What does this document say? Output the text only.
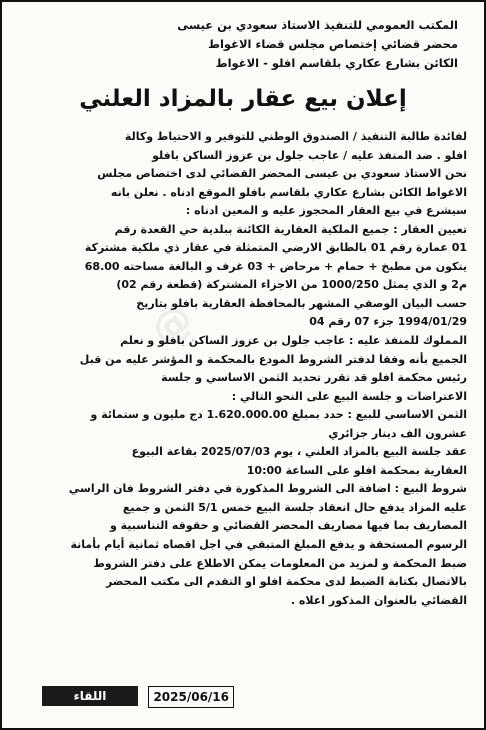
@
المكتب العمومي للتنفيذ الاستاذ سعودي بن عيسى
محضر قضائي إختصاص مجلس قضاء الاغواط
الكائن بشارع عكاري بلقاسم افلو - الاغواط
إعلان بيع عقار بالمزاد العلني
لفائدة طالبة التنفيذ / الصندوق الوطني للتوفير و الاحتياط وكالة
افلو . ضد المنفذ عليه / عاجب جلول بن عزوز الساكن بافلو
نحن الاستاذ سعودي بن عيسى المحضر القضائي لدى اختصاص مجلس
الاغواط الكائن بشارع عكاري بلقاسم بافلو الموقع ادناه . نعلن بانه
سيشرع في بيع العقار المحجوز عليه و المعين ادناه :
تعيين العقار : جميع الملكية العقارية الكائنة ببلدية حي القعدة رقم
01 عمارة رقم 01 بالطابق الارضي المتمثلة في عقار ذي ملكية مشتركة
يتكون من مطبخ + حمام + مرحاض + 03 غرف و البالغة مساحته 68.00
م2 و الذي يمثل 1000/250 من الاجزاء المشتركة (قطعة رقم 02)
حسب البيان الوصفي المشهر بالمحافظة العقارية بافلو بتاريخ
1994/01/29 جزء 07 رقم 04
المملوك للمنفذ عليه : عاجب جلول بن عزوز الساكن بافلو و نعلم
الجميع بأنه وفقا لدفتر الشروط المودع بالمحكمة و المؤشر عليه من قبل
رئيس محكمة افلو قد تقرر تحديد الثمن الاساسي و جلسة
الاعتراضات و جلسة البيع على النحو التالي :
الثمن الاساسي للبيع : حدد بمبلغ 1.620.000.00 دج مليون و ستمائة و
عشرون الف دينار جزائري
عقد جلسة البيع بالمزاد العلني ، يوم 2025/07/03 بقاعة البيوع
العقارية بمحكمة افلو على الساعة 10:00
شروط البيع : اضافة الى الشروط المذكورة في دفتر الشروط فان الراسي
عليه المزاد يدفع حال انعقاد جلسة البيع خمس 5/1 الثمن و جميع
المصاريف بما فيها مصاريف المحضر القضائي و حقوقه التناسبية و
الرسوم المستحقة و يدفع المبلغ المتبقي في اجل اقصاه ثمانية أيام بأمانة
ضبط المحكمة و لمزيد من المعلومات يمكن الاطلاع على دفتر الشروط
بالاتصال بكتابة الضبط لدى محكمة افلو او التقدم الى مكتب المحضر
القضائي بالعنوان المذكور اعلاه .
2025/06/16
اللقاء
